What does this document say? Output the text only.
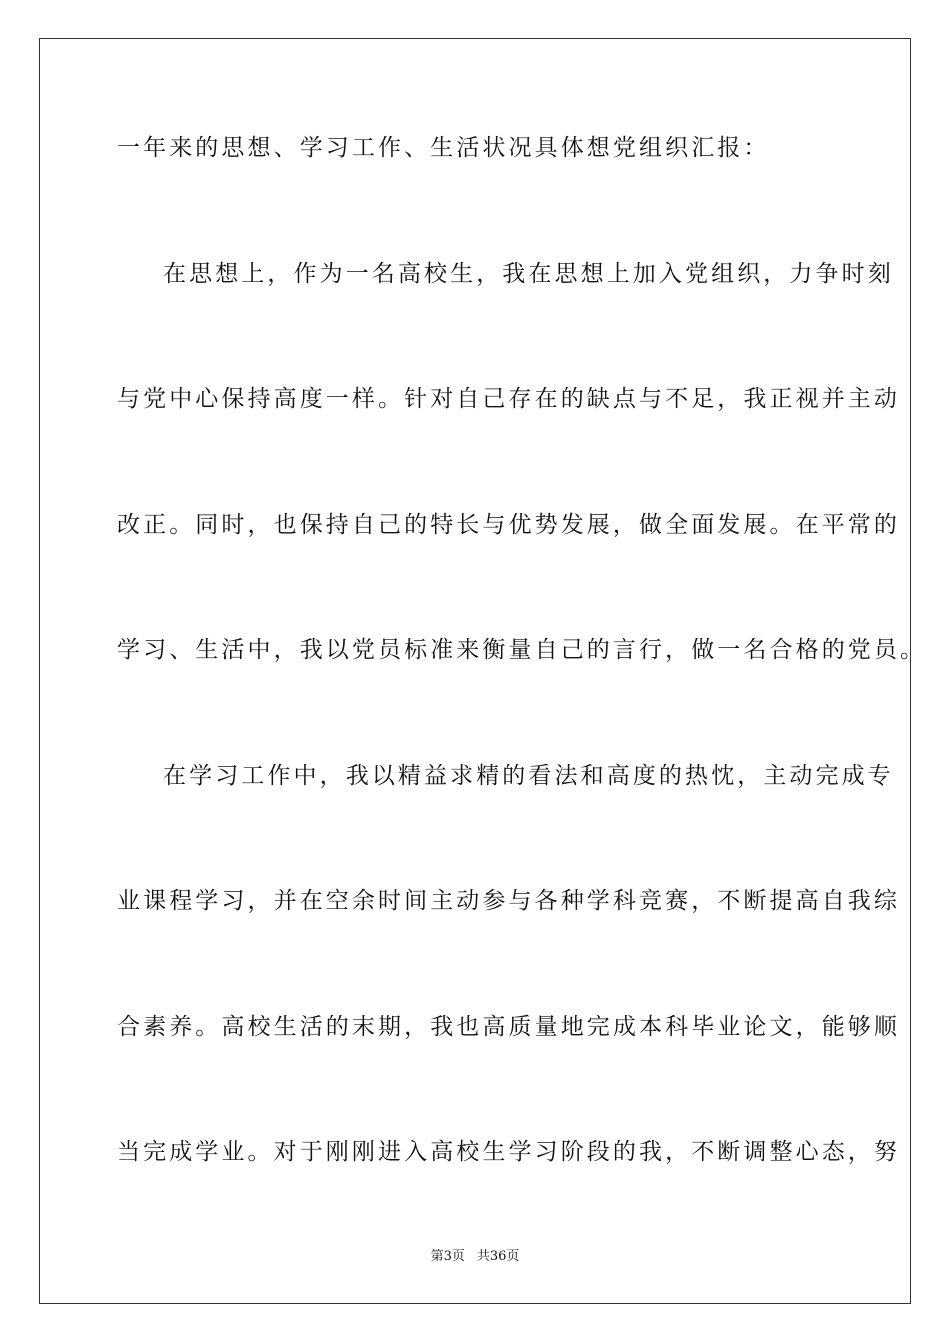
一年来的思想、学习工作、生活状况具体想党组织汇报：
在思想上，作为一名高校生，我在思想上加入党组织，力争时刻
与党中心保持高度一样。针对自己存在的缺点与不足，我正视并主动
改正。同时，也保持自己的特长与优势发展，做全面发展。在平常的
学习、生活中，我以党员标准来衡量自己的言行，做一名合格的党员。
在学习工作中，我以精益求精的看法和高度的热忱，主动完成专
业课程学习，并在空余时间主动参与各种学科竞赛，不断提高自我综
合素养。高校生活的末期，我也高质量地完成本科毕业论文，能够顺
当完成学业。对于刚刚进入高校生学习阶段的我，不断调整心态，努
第3页 共36页
